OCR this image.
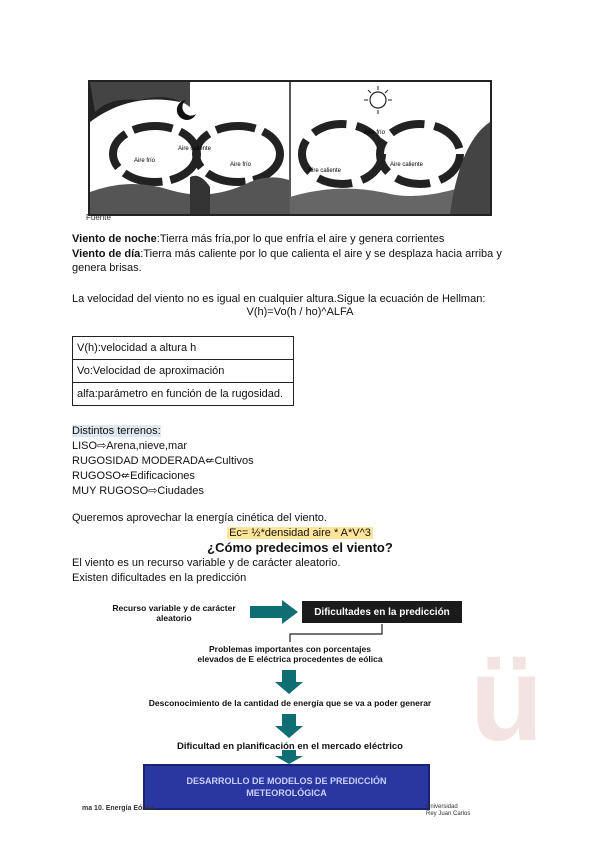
Aire frío
Aire caliente
Aire frío
Aire frío
Aire caliente
Aire caliente
Fuente
Viento de noche:Tierra más fría,por lo que enfría el aire y genera corrientes
Viento de día:Tierra más caliente por lo que calienta el aire y se desplaza hacia arriba y genera brisas.
La velocidad del viento no es igual en cualquier altura.Sigue la ecuación de Hellman:
V(h)=Vo(h / ho)^ALFA
V(h):velocidad a altura h
Vo:Velocidad de aproximación
alfa:parámetro en función de la rugosidad.
Distintos terrenos:
LISO⇨Arena,nieve,mar
RUGOSIDAD MODERADA⇍Cultivos
RUGOSO⇍Edificaciones
MUY RUGOSO⇨Ciudades
Queremos aprovechar la energía cinética del viento.
Ec= ½*densidad aire * A*V^3
¿Cómo predecimos el viento?
El viento es un recurso variable y de carácter aleatorio.
Existen dificultades en la predicción
ü
Recurso variable y de carácter
aleatorio
Dificultades en la predicción
Problemas importantes con porcentajes
elevados de E eléctrica procedentes de eólica
Desconocimiento de la cantidad de energía que se va a poder generar
Dificultad en planificación en el mercado eléctrico
DESARROLLO DE MODELOS DE PREDICCIÓN
METEOROLÓGICA
ma 10. Energía Eólica	Universidad
Rey Juan Carlos
